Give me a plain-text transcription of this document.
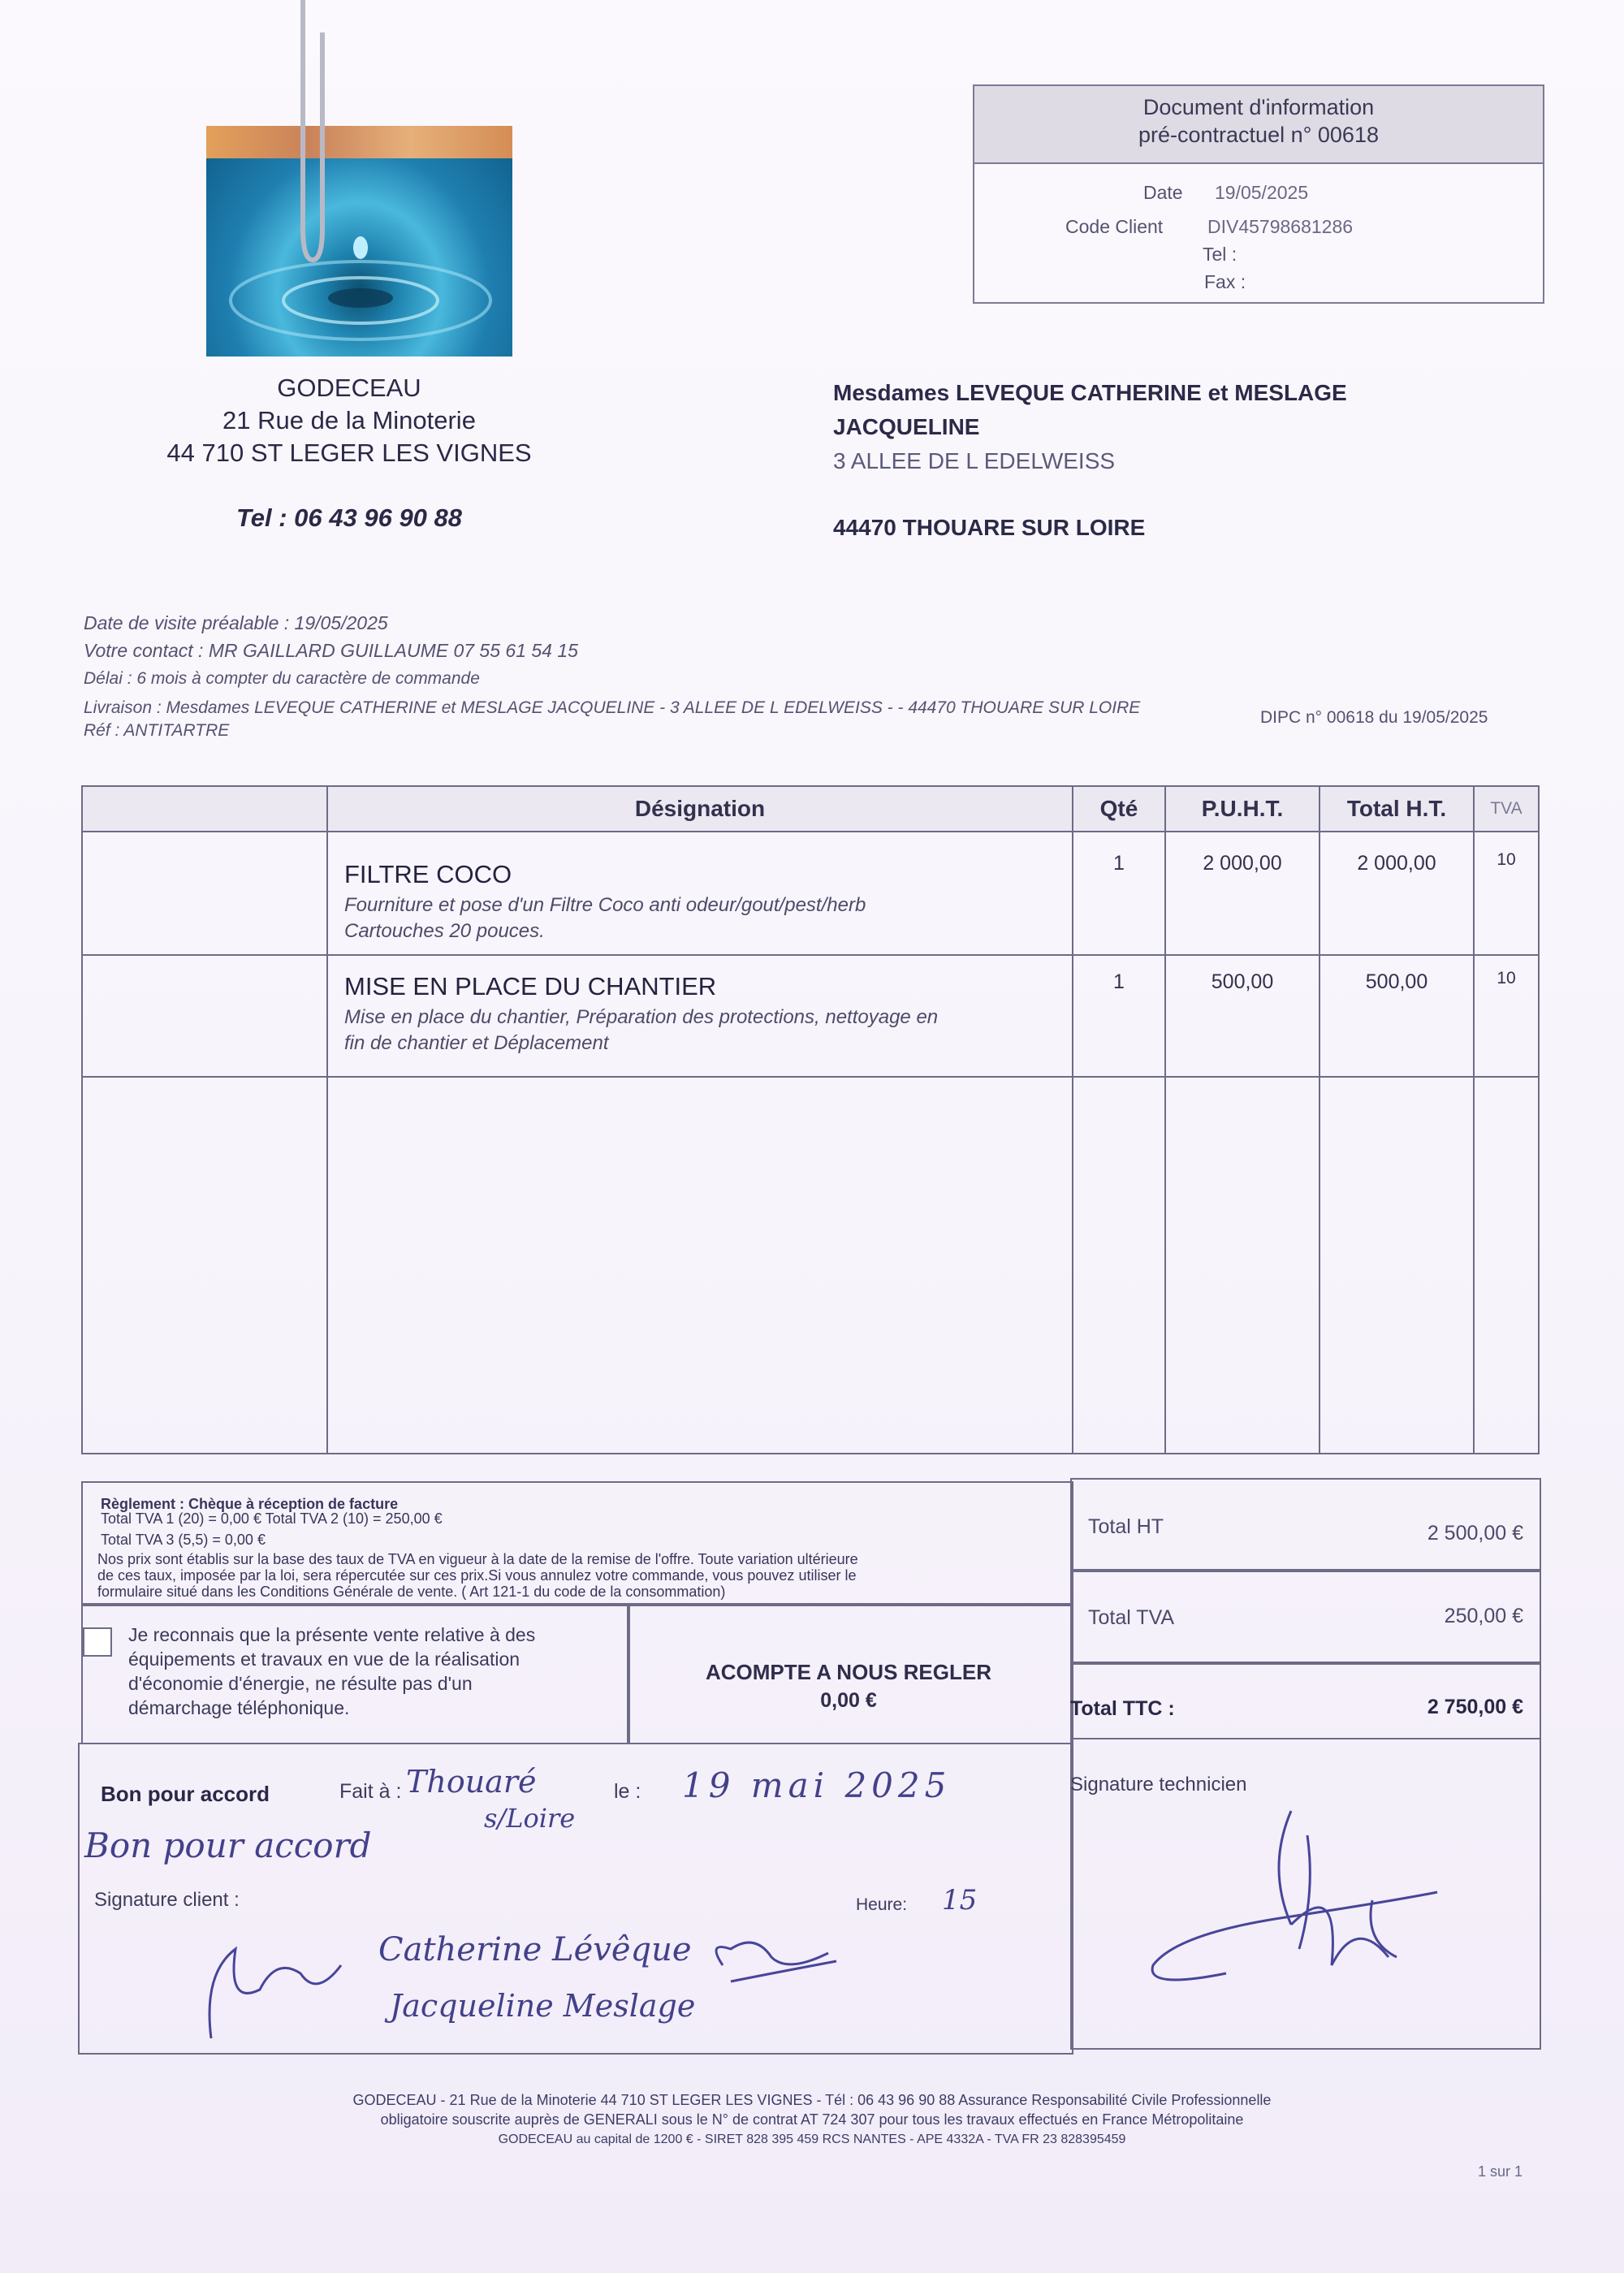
GODECEAU
21 Rue de la Minoterie
44 710 ST LEGER LES VIGNES
Tel : 06 43 96 90 88
Document d'information
pré-contractuel n° 00618
Date 19/05/2025
Code Client DIV45798681286
Tel :
Fax :
Mesdames LEVEQUE CATHERINE et MESLAGE
JACQUELINE
3 ALLEE DE L EDELWEISS
44470 THOUARE SUR LOIRE
Date de visite préalable : 19/05/2025
Votre contact : MR GAILLARD GUILLAUME 07 55 61 54 15
Délai : 6 mois à compter du caractère de commande
Livraison : Mesdames LEVEQUE CATHERINE et MESLAGE JACQUELINE - 3 ALLEE DE L EDELWEISS - - 44470 THOUARE SUR LOIRE
Réf : ANTITARTRE
DIPC n° 00618 du 19/05/2025
	Désignation	Qté	P.U.H.T.	Total H.T.	TVA

	FILTRE COCO
Fourniture et pose d'un Filtre Coco anti odeur/gout/pest/herb
Cartouches 20 pouces.	1	2 000,00	2 000,00	10

	MISE EN PLACE DU CHANTIER
Mise en place du chantier, Préparation des protections, nettoyage en
fin de chantier et Déplacement	1	500,00	500,00	10

Règlement : Chèque à réception de facture
Total TVA 1 (20) = 0,00 € Total TVA 2 (10) = 250,00 €
Total TVA 3 (5,5) = 0,00 €
Nos prix sont établis sur la base des taux de TVA en vigueur à la date de la remise de l'offre. Toute variation ultérieure
de ces taux, imposée par la loi, sera répercutée sur ces prix.Si vous annulez votre commande, vous pouvez utiliser le
formulaire situé dans les Conditions Générale de vente. ( Art 121-1 du code de la consommation)
Je reconnais que la présente vente relative à des
équipements et travaux en vue de la réalisation
d'économie d'énergie, ne résulte pas d'un
démarchage téléphonique.
ACOMPTE A NOUS REGLER
0,00 €
Total HT	2 500,00 €
Total TVA	250,00 €
Total TTC :	2 750,00 €
Bon pour accord	Fait à : Thouaré
s/Loire
le : 19 mai 2025
Bon pour accord
Signature client :	Heure: 15
Catherine Lévêque
Jacqueline Meslage
Signature technicien
GODECEAU - 21 Rue de la Minoterie 44 710 ST LEGER LES VIGNES - Tél : 06 43 96 90 88 Assurance Responsabilité Civile Professionnelle
obligatoire souscrite auprès de GENERALI sous le N° de contrat AT 724 307 pour tous les travaux effectués en France Métropolitaine
GODECEAU au capital de 1200 € - SIRET 828 395 459 RCS NANTES - APE 4332A - TVA FR 23 828395459
1 sur 1
